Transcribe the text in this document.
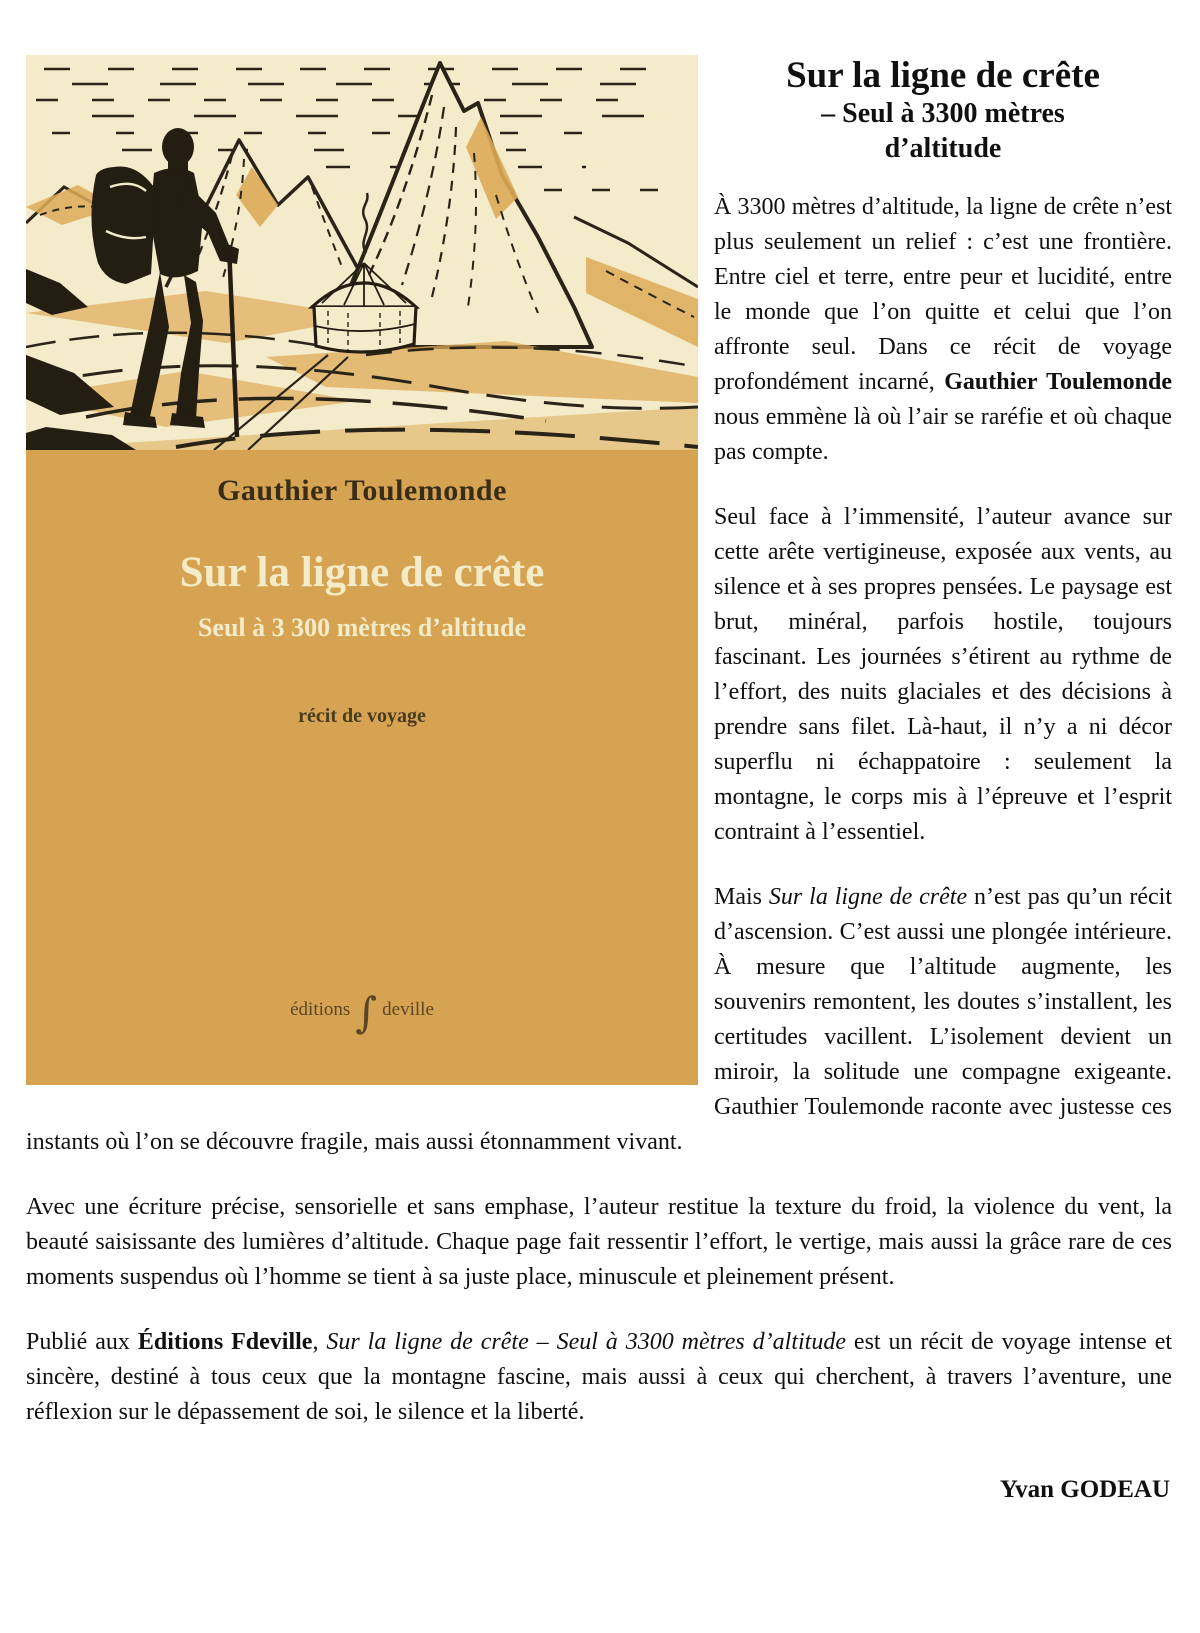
Gauthier Toulemonde
Sur la ligne de crête
Seul à 3 300 mètres d’altitude
récit de voyage
éditions ∫ deville
Sur la ligne de crête
– Seul à 3300 mètres
d’altitude

À 3300 mètres d’altitude, la ligne de crête n’est plus seulement un relief : c’est une frontière. Entre ciel et terre, entre peur et lucidité, entre le monde que l’on quitte et celui que l’on affronte seul. Dans ce récit de voyage profondément incarné, Gauthier Toulemonde nous emmène là où l’air se raréfie et où chaque pas compte.

Seul face à l’immensité, l’auteur avance sur cette arête vertigineuse, exposée aux vents, au silence et à ses propres pensées. Le paysage est brut, minéral, parfois hostile, toujours fascinant. Les journées s’étirent au rythme de l’effort, des nuits glaciales et des décisions à prendre sans filet. Là-haut, il n’y a ni décor superflu ni échappatoire : seulement la montagne, le corps mis à l’épreuve et l’esprit contraint à l’essentiel.

Mais Sur la ligne de crête n’est pas qu’un récit d’ascension. C’est aussi une plongée intérieure. À mesure que l’altitude augmente, les souvenirs remontent, les doutes s’installent, les certitudes vacillent. L’isolement devient un miroir, la solitude une compagne exigeante. Gauthier Toulemonde raconte avec justesse ces instants où l’on se découvre fragile, mais aussi étonnamment vivant.

Avec une écriture précise, sensorielle et sans emphase, l’auteur restitue la texture du froid, la violence du vent, la beauté saisissante des lumières d’altitude. Chaque page fait ressentir l’effort, le vertige, mais aussi la grâce rare de ces moments suspendus où l’homme se tient à sa juste place, minuscule et pleinement présent.

Publié aux Éditions Fdeville, Sur la ligne de crête – Seul à 3300 mètres d’altitude est un récit de voyage intense et sincère, destiné à tous ceux que la montagne fascine, mais aussi à ceux qui cherchent, à travers l’aventure, une réflexion sur le dépassement de soi, le silence et la liberté.

Yvan GODEAU
